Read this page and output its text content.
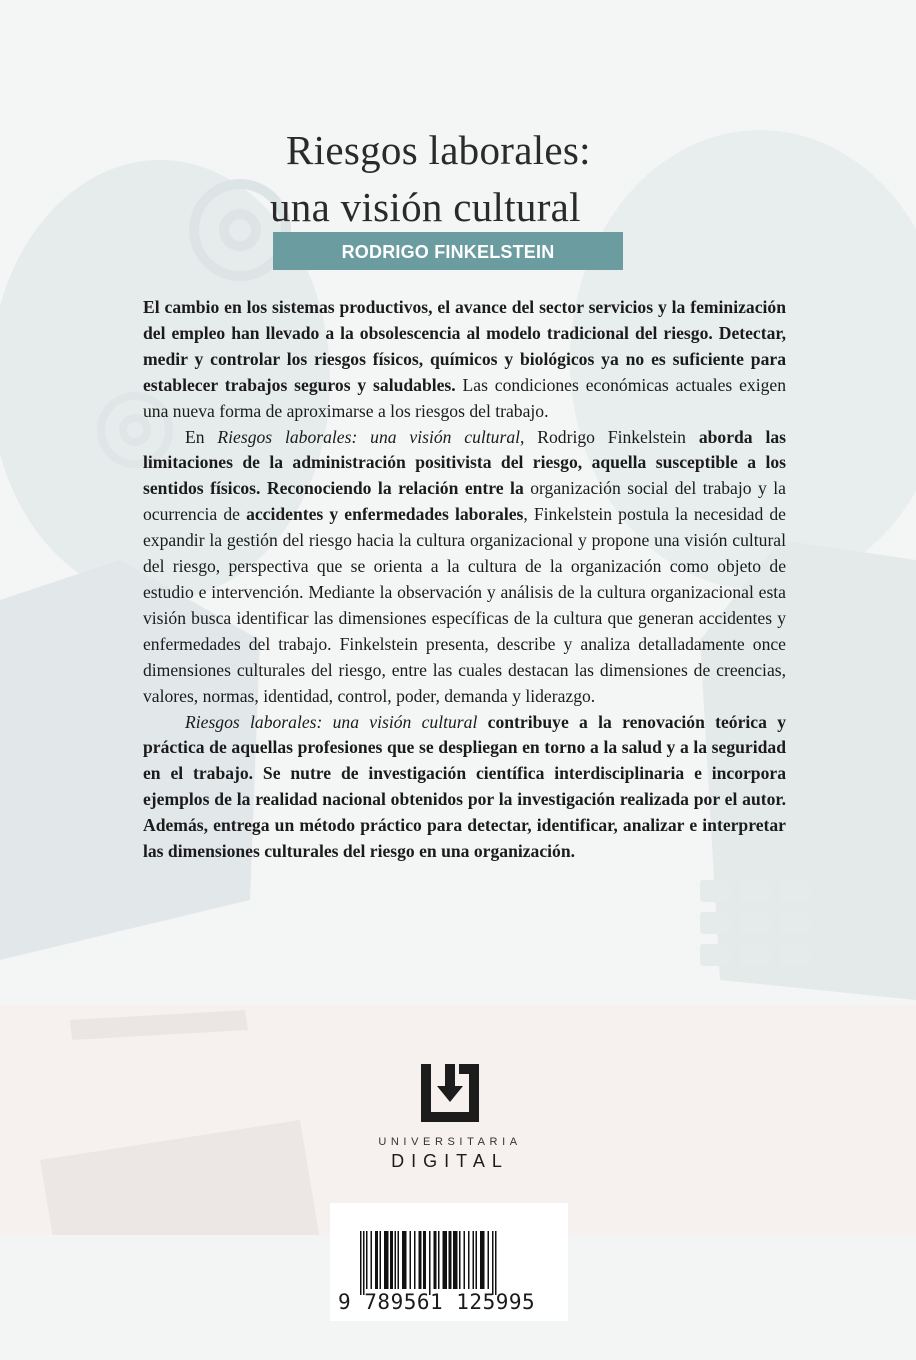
Riesgos laborales:
una visión cultural
RODRIGO FINKELSTEIN

El cambio en los sistemas productivos, el avance del sector servicios y la feminización del empleo han llevado a la obsolescencia al modelo tradicional del riesgo. Detectar, medir y controlar los riesgos físicos, químicos y biológicos ya no es suficiente para establecer trabajos seguros y saludables. Las condiciones económicas actuales exigen una nueva forma de aproximarse a los riesgos del trabajo.

En Riesgos laborales: una visión cultural, Rodrigo Finkelstein aborda las limitaciones de la administración positivista del riesgo, aquella susceptible a los sentidos físicos. Reconociendo la relación entre la organización social del trabajo y la ocurrencia de accidentes y enfermedades laborales, Finkelstein postula la necesidad de expandir la gestión del riesgo hacia la cultura organizacional y propone una visión cultural del riesgo, perspectiva que se orienta a la cultura de la organización como objeto de estudio e intervención. Mediante la observación y análisis de la cultura organizacional esta visión busca identificar las dimensiones específicas de la cultura que generan accidentes y enfermedades del trabajo. Finkelstein presenta, describe y analiza detalladamente once dimensiones culturales del riesgo, entre las cuales destacan las dimensiones de creencias, valores, normas, identidad, control, poder, demanda y liderazgo.

Riesgos laborales: una visión cultural contribuye a la renovación teórica y práctica de aquellas profesiones que se despliegan en torno a la salud y a la seguridad en el trabajo. Se nutre de investigación científica interdisciplinaria e incorpora ejemplos de la realidad nacional obtenidos por la investigación realizada por el autor. Además, entrega un método práctico para detectar, identificar, analizar e interpretar las dimensiones culturales del riesgo en una organización.

UNIVERSITARIA
DIGITAL
9 789561 125995
